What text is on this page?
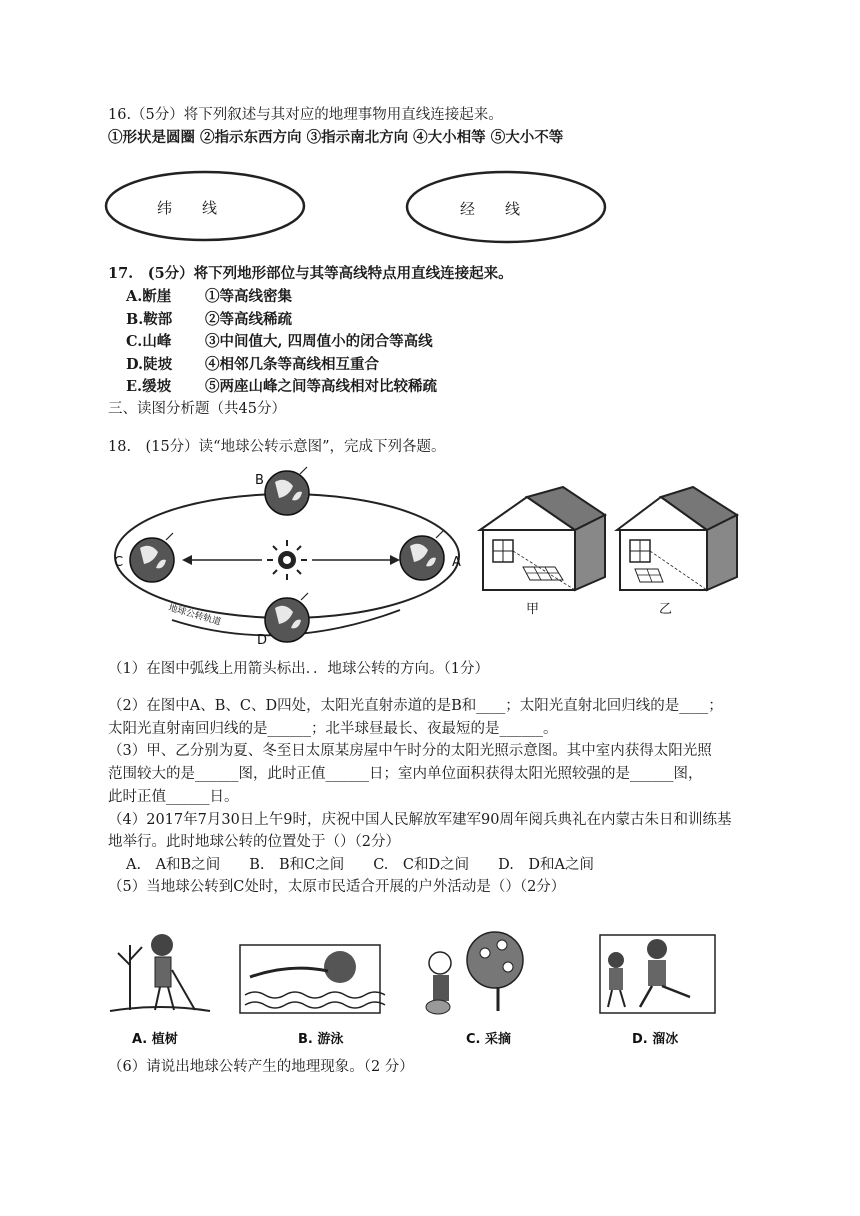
16.（5分）将下列叙述与其对应的地理事物用直线连接起来。
①形状是圆圈 ②指示东西方向 ③指示南北方向 ④大小相等 ⑤大小不等
纬　　线	经　　线
17.　(5分）将下列地形部位与其等高线特点用直线连接起来。
A.断崖 ①等高线密集
B.鞍部 ②等高线稀疏
C.山峰 ③中间值大, 四周值小的闭合等高线
D.陡坡 ④相邻几条等高线相互重合
E.缓坡 ⑤两座山峰之间等高线相对比较稀疏
三、读图分析题（共45分）
18.　(15分）读“地球公转示意图”，完成下列各题。
B
C	A
D
地球公转轨道	甲	乙
（1）在图中弧线上用箭头标出．．地球公转的方向。（1分）
（2）在图中A、B、C、D四处，太阳光直射赤道的是B和____；太阳光直射北回归线的是____；
太阳光直射南回归线的是______；北半球昼最长、夜最短的是______。
（3）甲、乙分别为夏、冬至日太原某房屋中午时分的太阳光照示意图。其中室内获得太阳光照
范围较大的是______图，此时正值______日；室内单位面积获得太阳光照较强的是______图，
此时正值______日。
（4）2017年7月30日上午9时，庆祝中国人民解放军建军90周年阅兵典礼在内蒙古朱日和训练基
地举行。此时地球公转的位置处于（）（2分）
A.　A和B之间　　B.　B和C之间　　C.　C和D之间　　D.　D和A之间
（5）当地球公转到C处时，太原市民适合开展的户外活动是（）（2分）
A. 植树	B. 游泳	C. 采摘	D. 溜冰
（6）请说出地球公转产生的地理现象。（2 分）
